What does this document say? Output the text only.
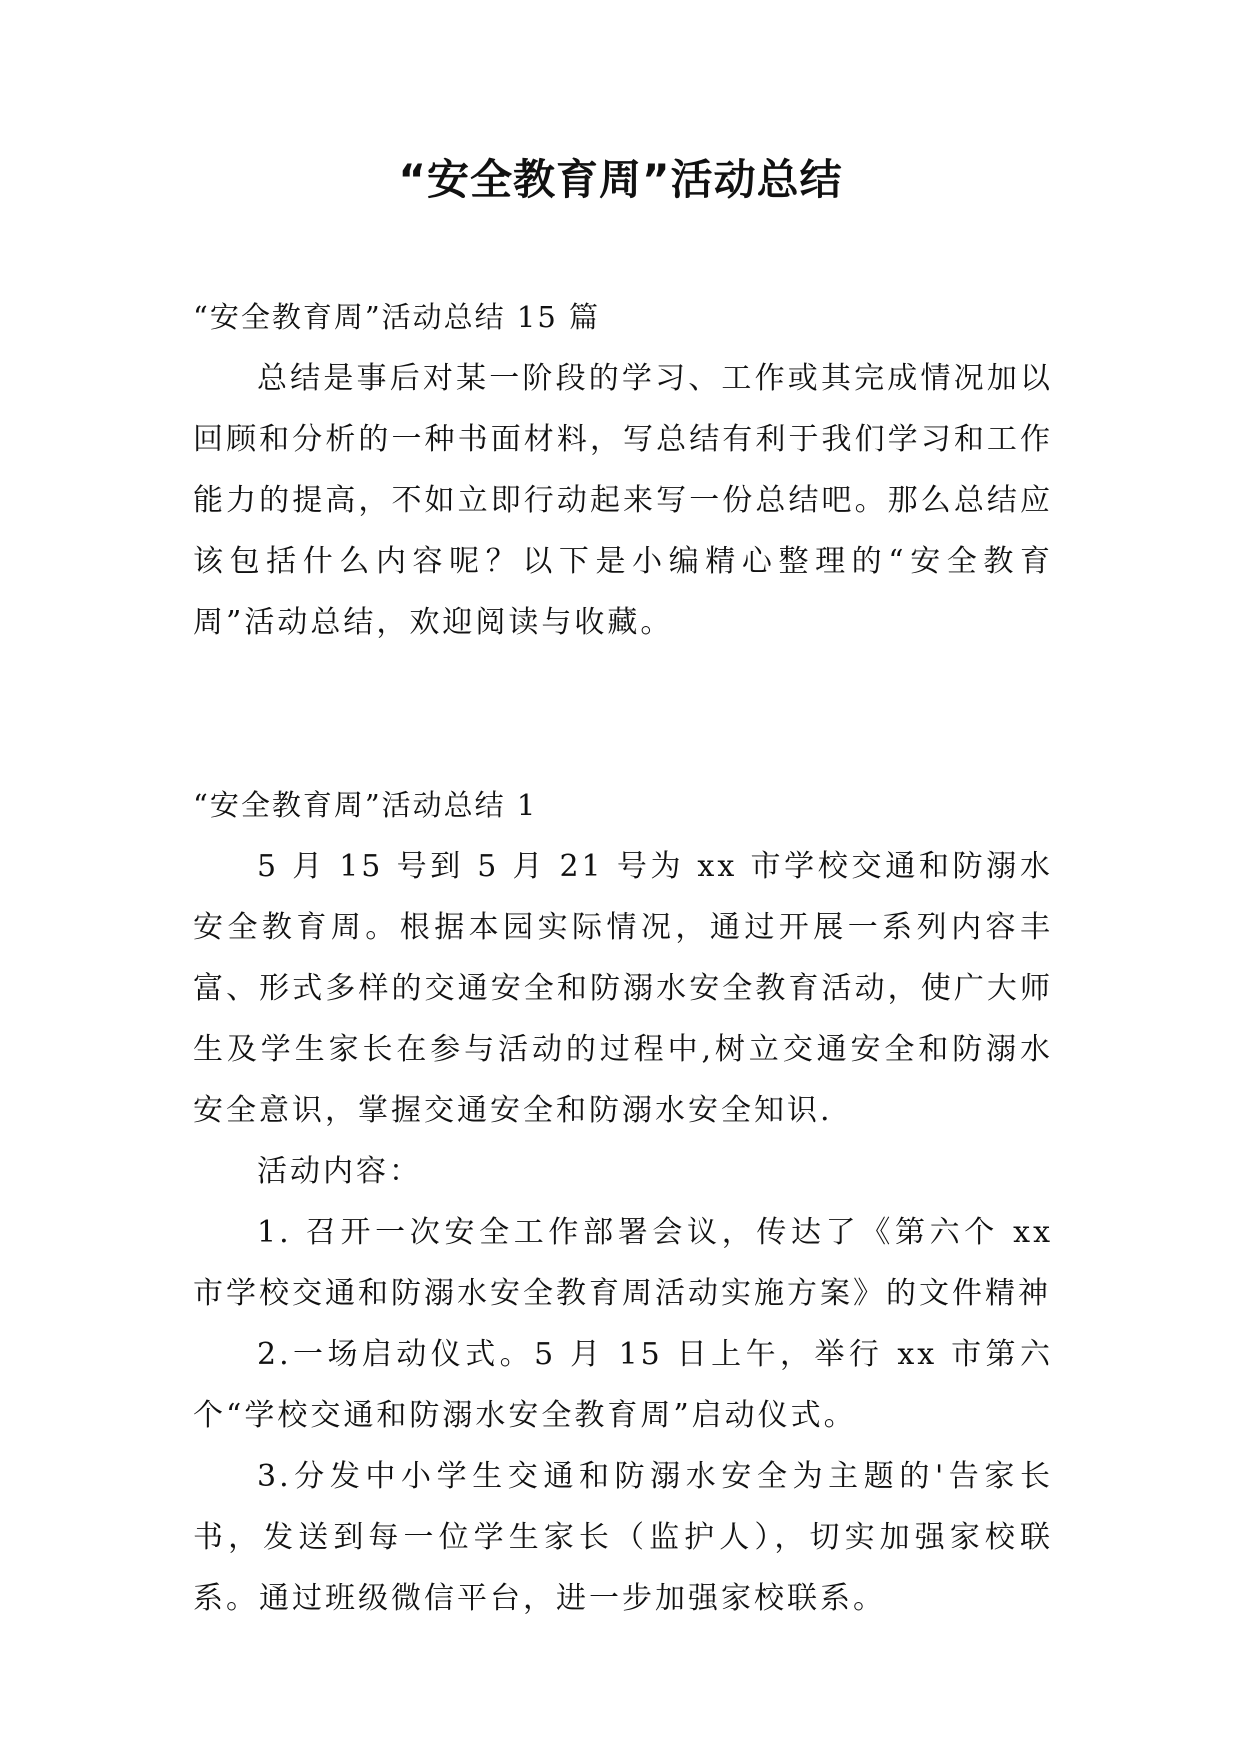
“安全教育周”活动总结

“安全教育周”活动总结 15 篇

总结是事后对某一阶段的学习、工作或其完成情况加以回顾和分析的一种书面材料，写总结有利于我们学习和工作能力的提高，不如立即行动起来写一份总结吧。那么总结应该包括什么内容呢？以下是小编精心整理的“安全教育周”活动总结，欢迎阅读与收藏。

“安全教育周”活动总结 1

5 月 15 号到 5 月 21 号为 xx 市学校交通和防溺水安全教育周。根据本园实际情况，通过开展一系列内容丰富、形式多样的交通安全和防溺水安全教育活动，使广大师生及学生家长在参与活动的过程中,树立交通安全和防溺水安全意识，掌握交通安全和防溺水安全知识.

活动内容：

1. 召开一次安全工作部署会议，传达了《第六个 xx 市学校交通和防溺水安全教育周活动实施方案》的文件精神

2.一场启动仪式。5 月 15 日上午，举行 xx 市第六个“学校交通和防溺水安全教育周”启动仪式。

3.分发中小学生交通和防溺水安全为主题的'告家长书，发送到每一位学生家长（监护人），切实加强家校联系。通过班级微信平台，进一步加强家校联系。
